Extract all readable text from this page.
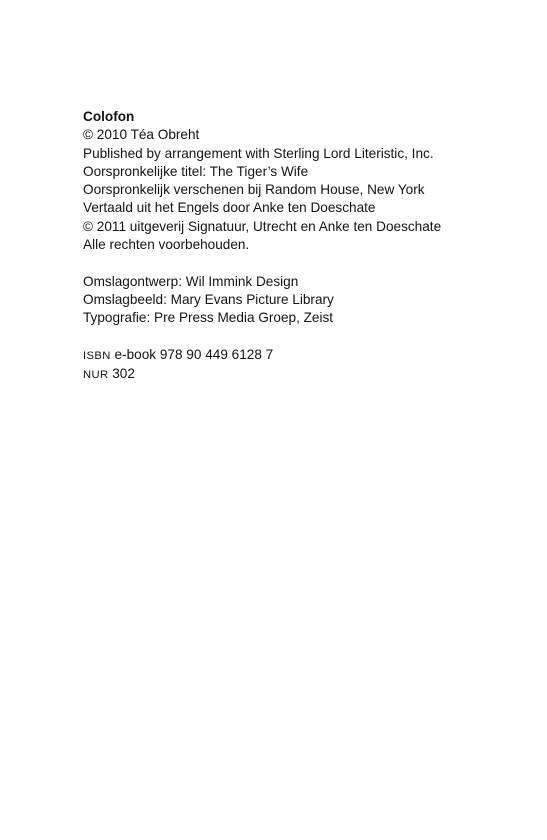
Colofon

© 2010 Téa Obreht

Published by arrangement with Sterling Lord Literistic, Inc.

Oorspronkelijke titel: The Tiger’s Wife

Oorspronkelijk verschenen bij Random House, New York

Vertaald uit het Engels door Anke ten Doeschate

© 2011 uitgeverij Signatuur, Utrecht en Anke ten Doeschate

Alle rechten voorbehouden.

Omslagontwerp: Wil Immink Design

Omslagbeeld: Mary Evans Picture Library

Typografie: Pre Press Media Groep, Zeist

ISBN e-book 978 90 449 6128 7

NUR 302
